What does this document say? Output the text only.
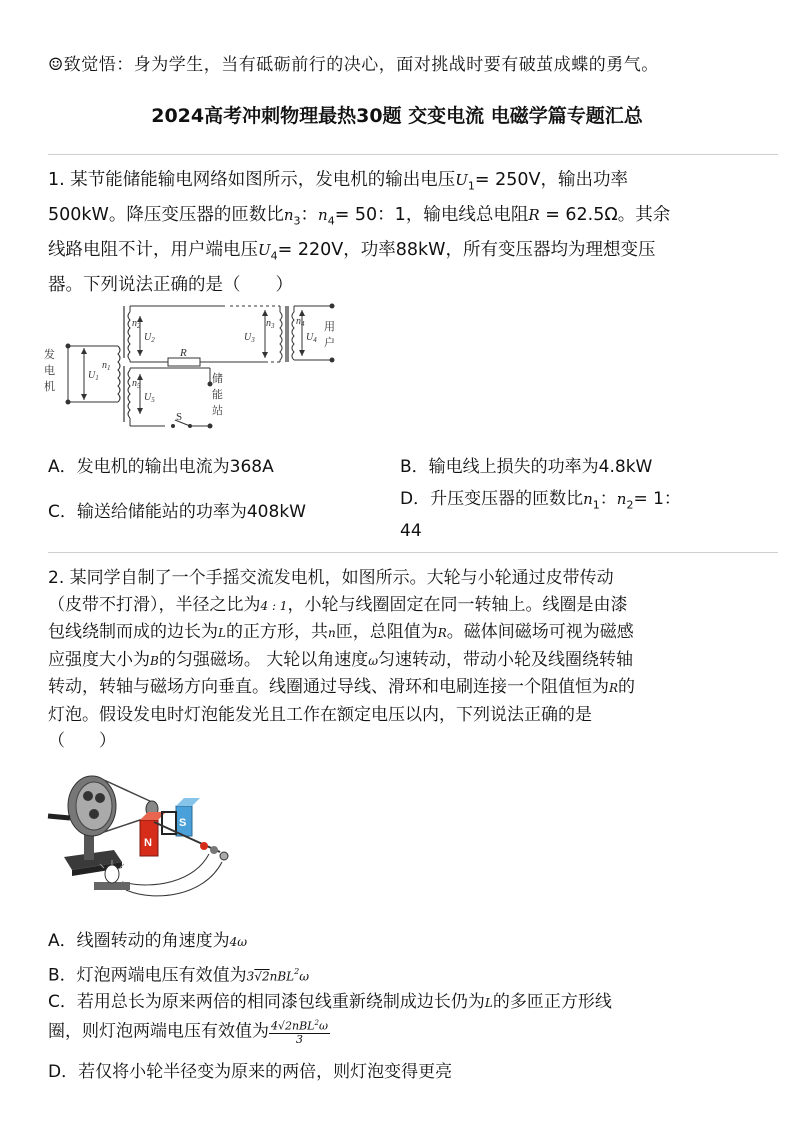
☺致觉悟：身为学生，当有砥砺前行的决心，面对挑战时要有破茧成蝶的勇气。
2024高考冲刺物理最热30题 交变电流 电磁学篇专题汇总
1. 某节能储能输电网络如图所示，发电机的输出电压$U_1= 250V$，输出功率
500kW。降压变压器的匝数比$n_3$：$n_4= 50$：1，输电线总电阻R = 62.5Ω。其余
线路电阻不计，用户端电压$U_4= 220V$，功率88kW，所有变压器均为理想变压
器。下列说法正确的是（　　）
发
电
机
用
户
储
能
站
R
S
$U_1$
$n_1$
$n_2$
$U_2$
$n_5$
$U_5$
$U_3$
$n_3$ $n_4$
$U_4$
A．发电机的输出电流为368A	B．输电线上损失的功率为4.8kW
C．输送给储能站的功率为408kW
D．升压变压器的匝数比$n_1$：$n_2= 1$：
44
2. 某同学自制了一个手摇交流发电机，如图所示。大轮与小轮通过皮带传动
（皮带不打滑），半径之比为4 : 1，小轮与线圈固定在同一转轴上。线圈是由漆
包线绕制而成的边长为L的正方形，共n匝，总阻值为R。磁体间磁场可视为磁感
应强度大小为B的匀强磁场。 大轮以角速度ω匀速转动，带动小轮及线圈绕转轴
转动，转轴与磁场方向垂直。线圈通过导线、滑环和电刷连接一个阻值恒为R的
灯泡。假设发电时灯泡能发光且工作在额定电压以内，下列说法正确的是
（　　）
N
S
A．线圈转动的角速度为4ω
B．灯泡两端电压有效值为3√2nBL$^2$ω
C．若用总长为原来两倍的相同漆包线重新绕制成边长仍为L的多匝正方形线
圈，则灯泡两端电压有效值为 $\frac{4√2nBL^2\omega}{3}$
D．若仅将小轮半径变为原来的两倍，则灯泡变得更亮
